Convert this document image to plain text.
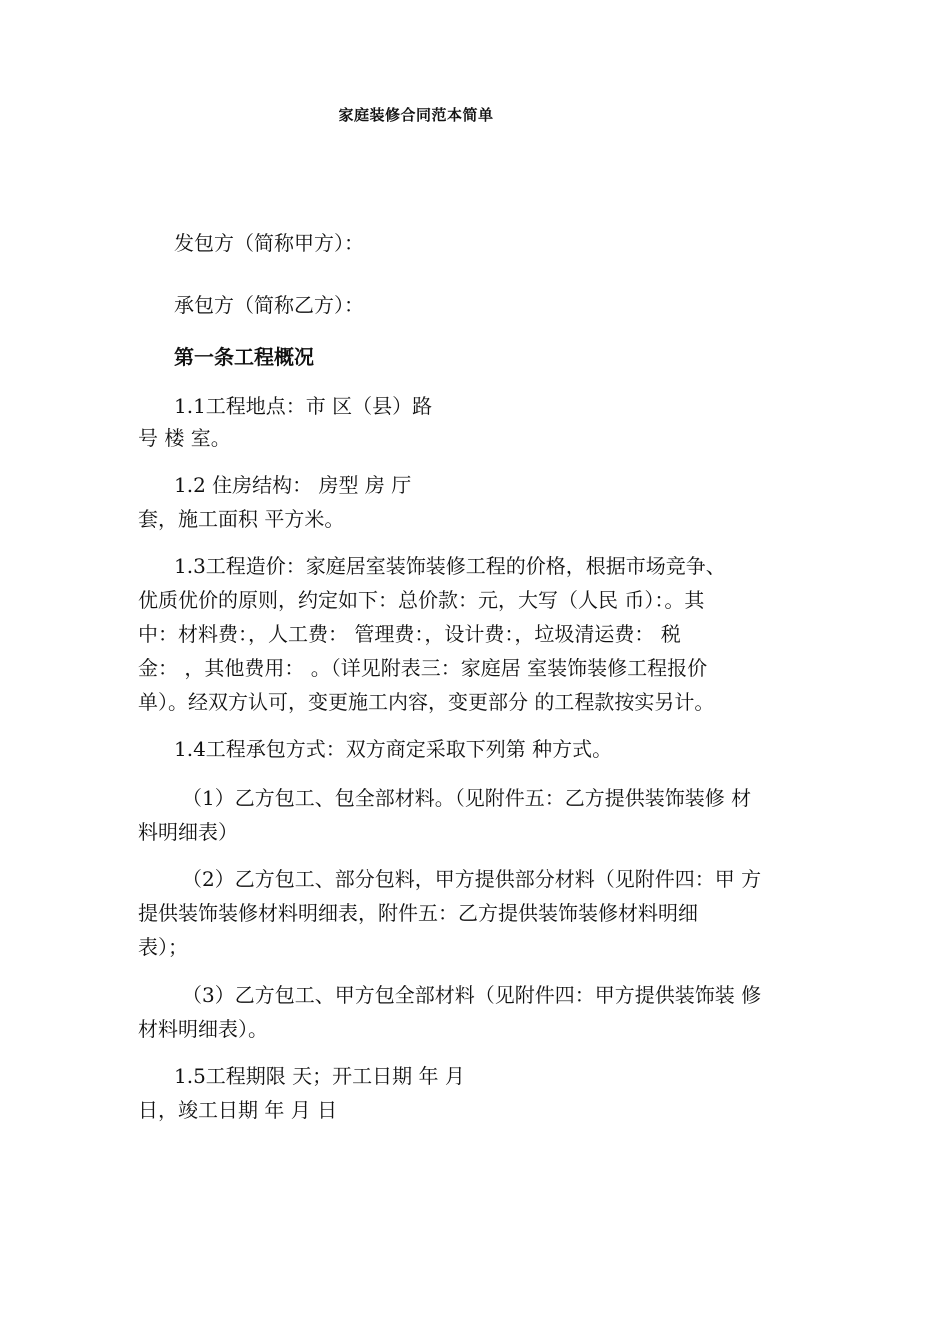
家庭装修合同范本简单
发包方（简称甲方）：
承包方（简称乙方）：
第一条工程概况
1.1工程地点：市 区（县）路
号 楼 室。
1.2 住房结构： 房型 房 厅
套，施工面积 平方米。
1.3工程造价：家庭居室装饰装修工程的价格，根据市场竞争、
优质优价的原则，约定如下：总价款：元，大写（人民 币）：。其
中：材料费：，人工费： 管理费：，设计费：，垃圾清运费： 税
金： ，其他费用： 。（详见附表三：家庭居 室装饰装修工程报价
单）。经双方认可，变更施工内容，变更部分 的工程款按实另计。
1.4工程承包方式：双方商定采取下列第 种方式。
（1）乙方包工、包全部材料。（见附件五：乙方提供装饰装修 材
料明细表）
（2）乙方包工、部分包料，甲方提供部分材料（见附件四：甲 方
提供装饰装修材料明细表，附件五：乙方提供装饰装修材料明细
表）；
（3）乙方包工、甲方包全部材料（见附件四：甲方提供装饰装 修
材料明细表）。
1.5工程期限 天；开工日期 年 月
日，竣工日期 年 月 日
